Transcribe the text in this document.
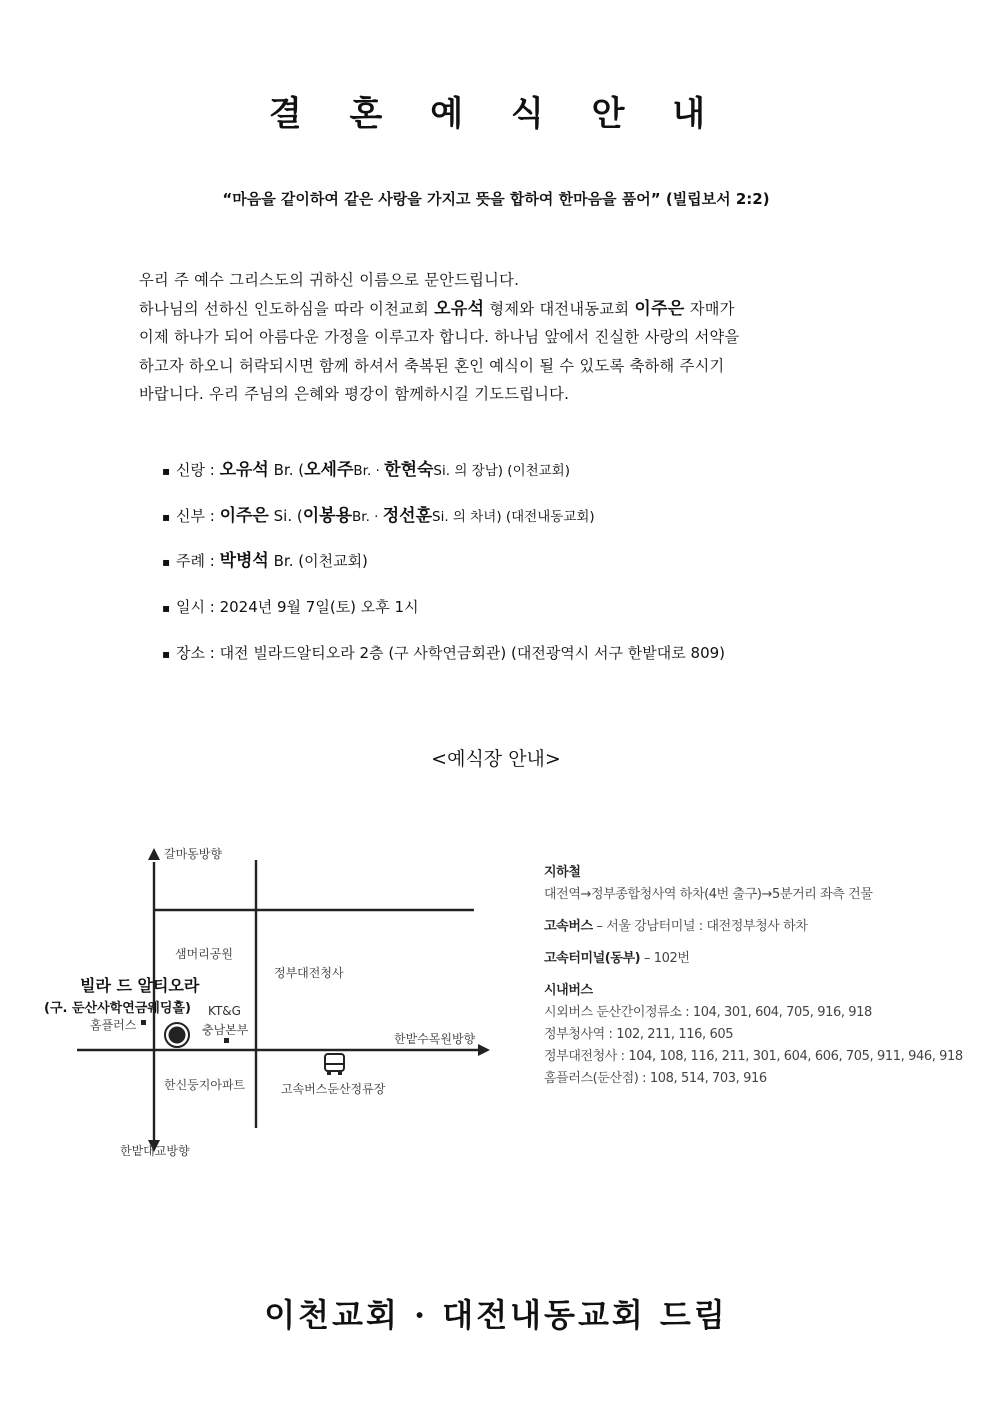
결 혼 예 식 안 내
“마음을 같이하여 같은 사랑을 가지고 뜻을 합하여 한마음을 품어” (빌립보서 2:2)

우리 주 예수 그리스도의 귀하신 이름으로 문안드립니다.

하나님의 선하신 인도하심을 따라 이천교회 오유석 형제와 대전내동교회 이주은 자매가

이제 하나가 되어 아름다운 가정을 이루고자 합니다. 하나님 앞에서 진실한 사랑의 서약을

하고자 하오니 허락되시면 함께 하셔서 축복된 혼인 예식이 될 수 있도록 축하해 주시기

바랍니다. 우리 주님의 은혜와 평강이 함께하시길 기도드립니다.

▪ 신랑 : 오유석 Br. (오세주Br. · 한현숙Si. 의 장남) (이천교회)
▪ 신부 : 이주은 Si. (이봉용Br. · 정선훈Si. 의 차녀) (대전내동교회)
▪ 주례 : 박병석 Br. (이천교회)
▪ 일시 : 2024년 9월 7일(토) 오후 1시
▪ 장소 : 대전 빌라드알티오라 2층 (구 사학연금회관) (대전광역시 서구 한밭대로 809)
<예식장 안내>
갈마동방향
한밭대교방향
한밭수목원방향
샘머리공원
정부대전청사
빌라 드 알티오라
(구. 둔산사학연금웨딩홀)
홈플러스
KT&G
충남본부
한신둥지아파트	고속버스둔산정류장
지하철
대전역→정부종합청사역 하차(4번 출구)→5분거리 좌측 건물
고속버스 – 서울 강남터미널 : 대전정부청사 하차
고속터미널(동부) – 102번
시내버스
시외버스 둔산간이정류소 : 104, 301, 604, 705, 916, 918
정부청사역 : 102, 211, 116, 605
정부대전청사 : 104, 108, 116, 211, 301, 604, 606, 705, 911, 946, 918
홈플러스(둔산점) : 108, 514, 703, 916
이천교회 · 대전내동교회 드림
